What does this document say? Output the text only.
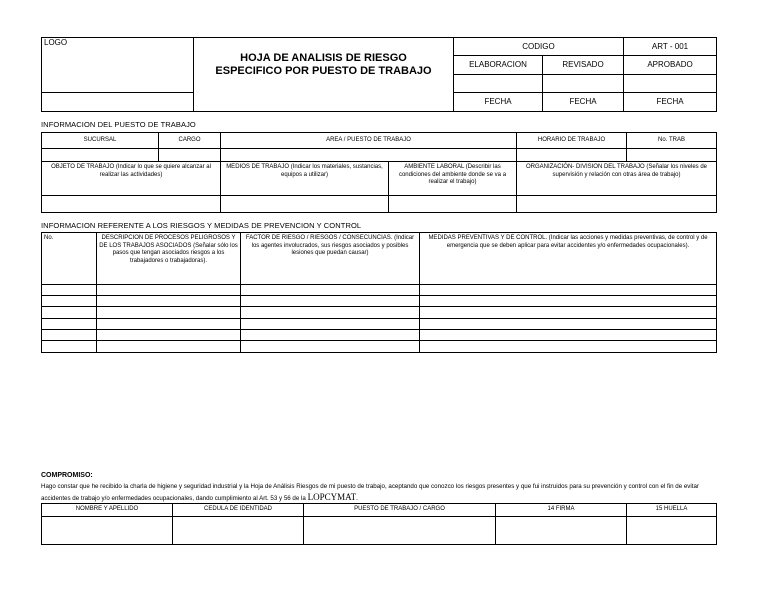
LOGO	HOJA DE ANALISIS DE RIESGO
ESPECIFICO POR PUESTO DE TRABAJO	CODIGO		ART - 001
		ELABORACION	REVISADO	APROBADO

		FECHA	FECHA	FECHA
INFORMACION DEL PUESTO DE TRABAJO
SUCURSAL	CARGO	AREA / PUESTO DE TRABAJO		HORARIO DE TRABAJO	No. TRAB

OBJETO DE TRABAJO (Indicar lo que se quiere alcanzar al realizar las actividades)		MEDIOS DE TRABAJO (Indicar los materiales, sustancias, equipos a utilizar)	AMBIENTE LABORAL (Describir las condiciones del ambiente donde se va a realizar el trabajo)	ORGANIZACIÓN- DIVISION DEL TRABAJO (Señalar los niveles de supervisión y relación con otras área de trabajo)	

INFORMACION REFERENTE A LOS RIESGOS Y MEDIDAS DE PREVENCION Y CONTROL
No.	DESCRIPCION DE PROCESOS PELIGROSOS Y DE LOS TRABAJOS ASOCIADOS (Señalar sólo los pasos que tengan asociados riesgos a los trabajadores o trabajadoras).	FACTOR DE RIESGO / RIESGOS / CONSECUNCIAS. (Indicar los agentes involucrados, sus riesgos asociados y posibles lesiones que puedan causar)	MEDIDAS PREVENTIVAS Y DE CONTROL. (Indicar las acciones y medidas preventivas, de control y de emergencia que se deben aplicar para evitar accidentes y/o enfermedades ocupacionales).

COMPROMISO:
Hago constar que he recibido la charla de higiene y seguridad industrial y la Hoja de Análisis Riesgos de mi puesto de trabajo, aceptando que conozco los riesgos presentes y que fui instruidos para su prevención y control con el fin de evitar accidentes de trabajo y/o enfermedades ocupacionales, dando cumplimiento al Art. 53 y 56 de la LOPCYMAT.
NOMBRE Y APELLIDO	CEDULA DE IDENTIDAD	PUESTO DE TRABAJO / CARGO	14 FIRMA	15 HUELLA
